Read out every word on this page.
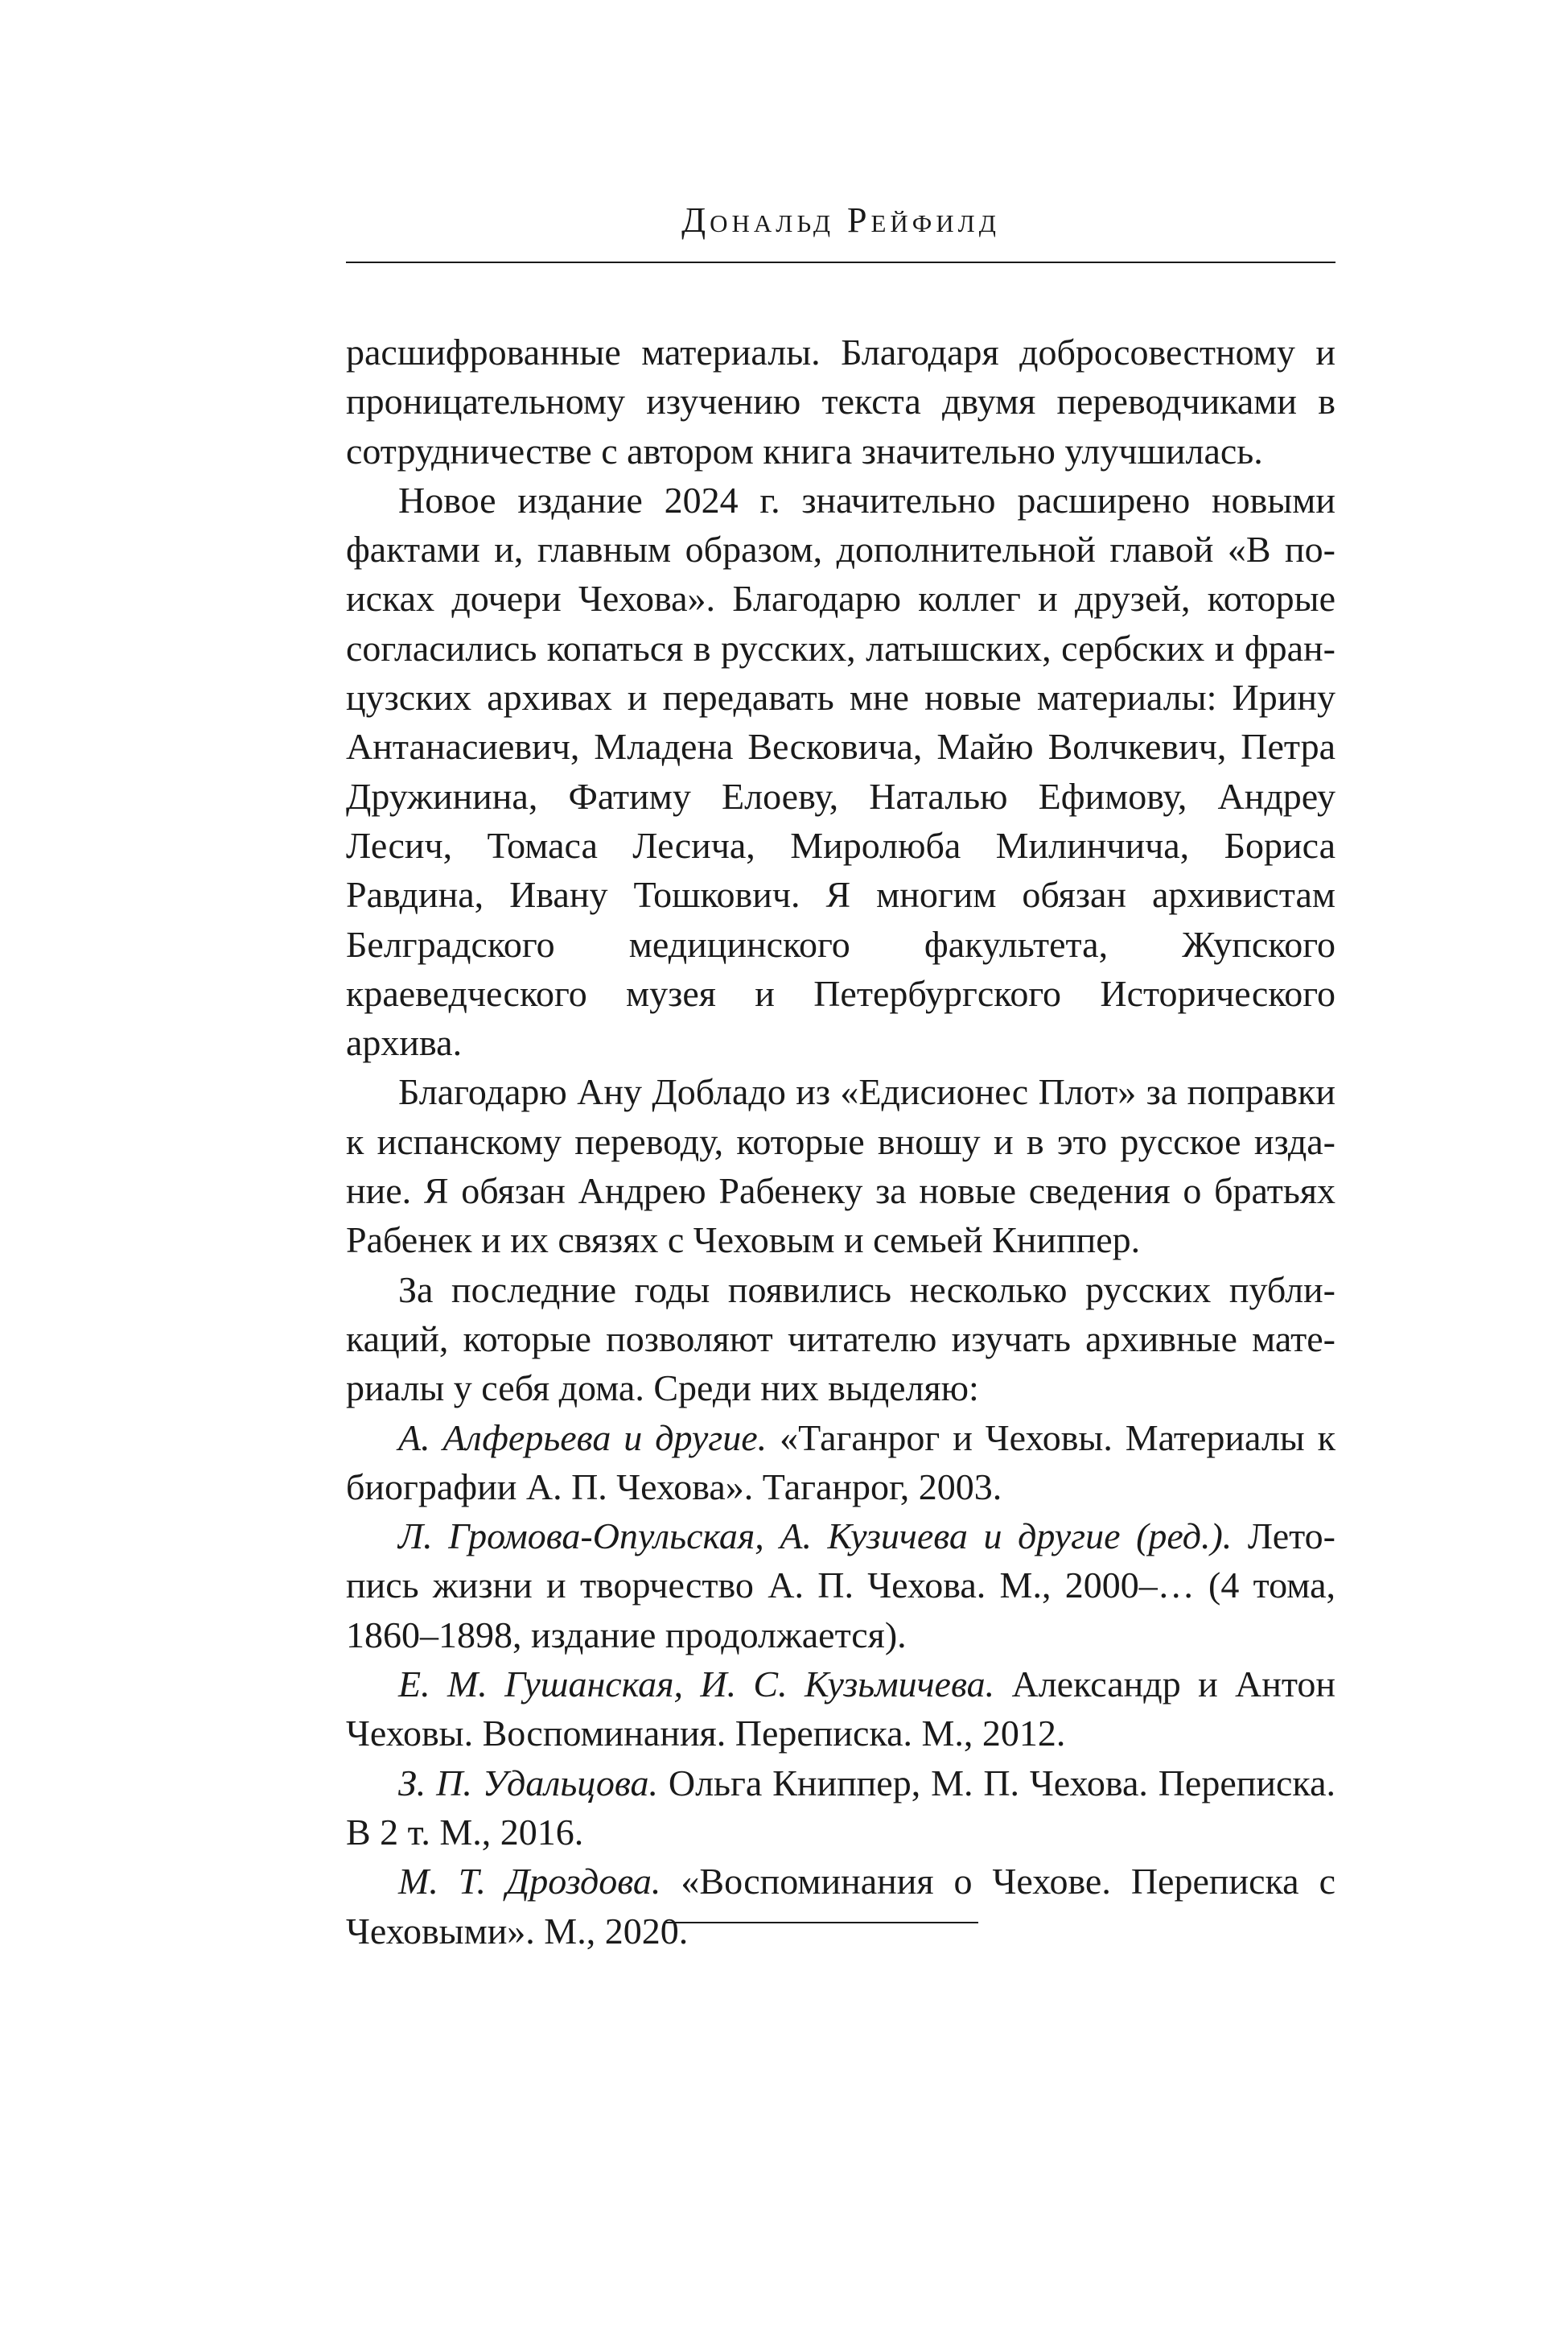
Дональд Рейфилд

расшифрованные материалы. Благодаря добросовестному и проницательному изучению текста двумя переводчиками в сотрудничестве с автором книга значительно улучшилась.

Новое издание 2024 г. значительно расширено новыми фактами и, главным образом, дополнительной главой «В поисках дочери Чехова». Благодарю коллег и друзей, которые согласились копаться в русских, латышских, сербских и французских архивах и передавать мне новые материалы: Ирину Антанасиевич, Младена Весковича, Майю Волчкевич, Петра Дружинина, Фатиму Елоеву, Наталью Ефимову, Андреу Лесич, Томаса Лесича, Миролюба Милинчича, Бориса Равдина, Ивану Тошкович. Я многим обязан архивистам Белградского медицинского факультета, Жупского краеведческого музея и Петербургского Исторического архива.

Благодарю Ану Добладо из «Едисионес Плот» за поправки к испанскому переводу, которые вношу и в это русское издание. Я обязан Андрею Рабенеку за новые сведения о братьях Рабенек и их связях с Чеховым и семьей Книппер.

За последние годы появились несколько русских публикаций, которые позволяют читателю изучать архивные материалы у себя дома. Среди них выделяю:

А. Алферьева и другие. «Таганрог и Чеховы. Материалы к биографии А. П. Чехова». Таганрог, 2003.

Л. Громова-Опульская, А. Кузичева и другие (ред.). Летопись жизни и творчество А. П. Чехова. М., 2000–… (4 тома, 1860–1898, издание продолжается).

Е. М. Гушанская, И. С. Кузьмичева. Александр и Антон Чеховы. Воспоминания. Переписка. М., 2012.

З. П. Удальцова. Ольга Книппер, М. П. Чехова. Переписка. В 2 т. М., 2016.

М. Т. Дроздова. «Воспоминания о Чехове. Переписка с Чеховыми». М., 2020.
